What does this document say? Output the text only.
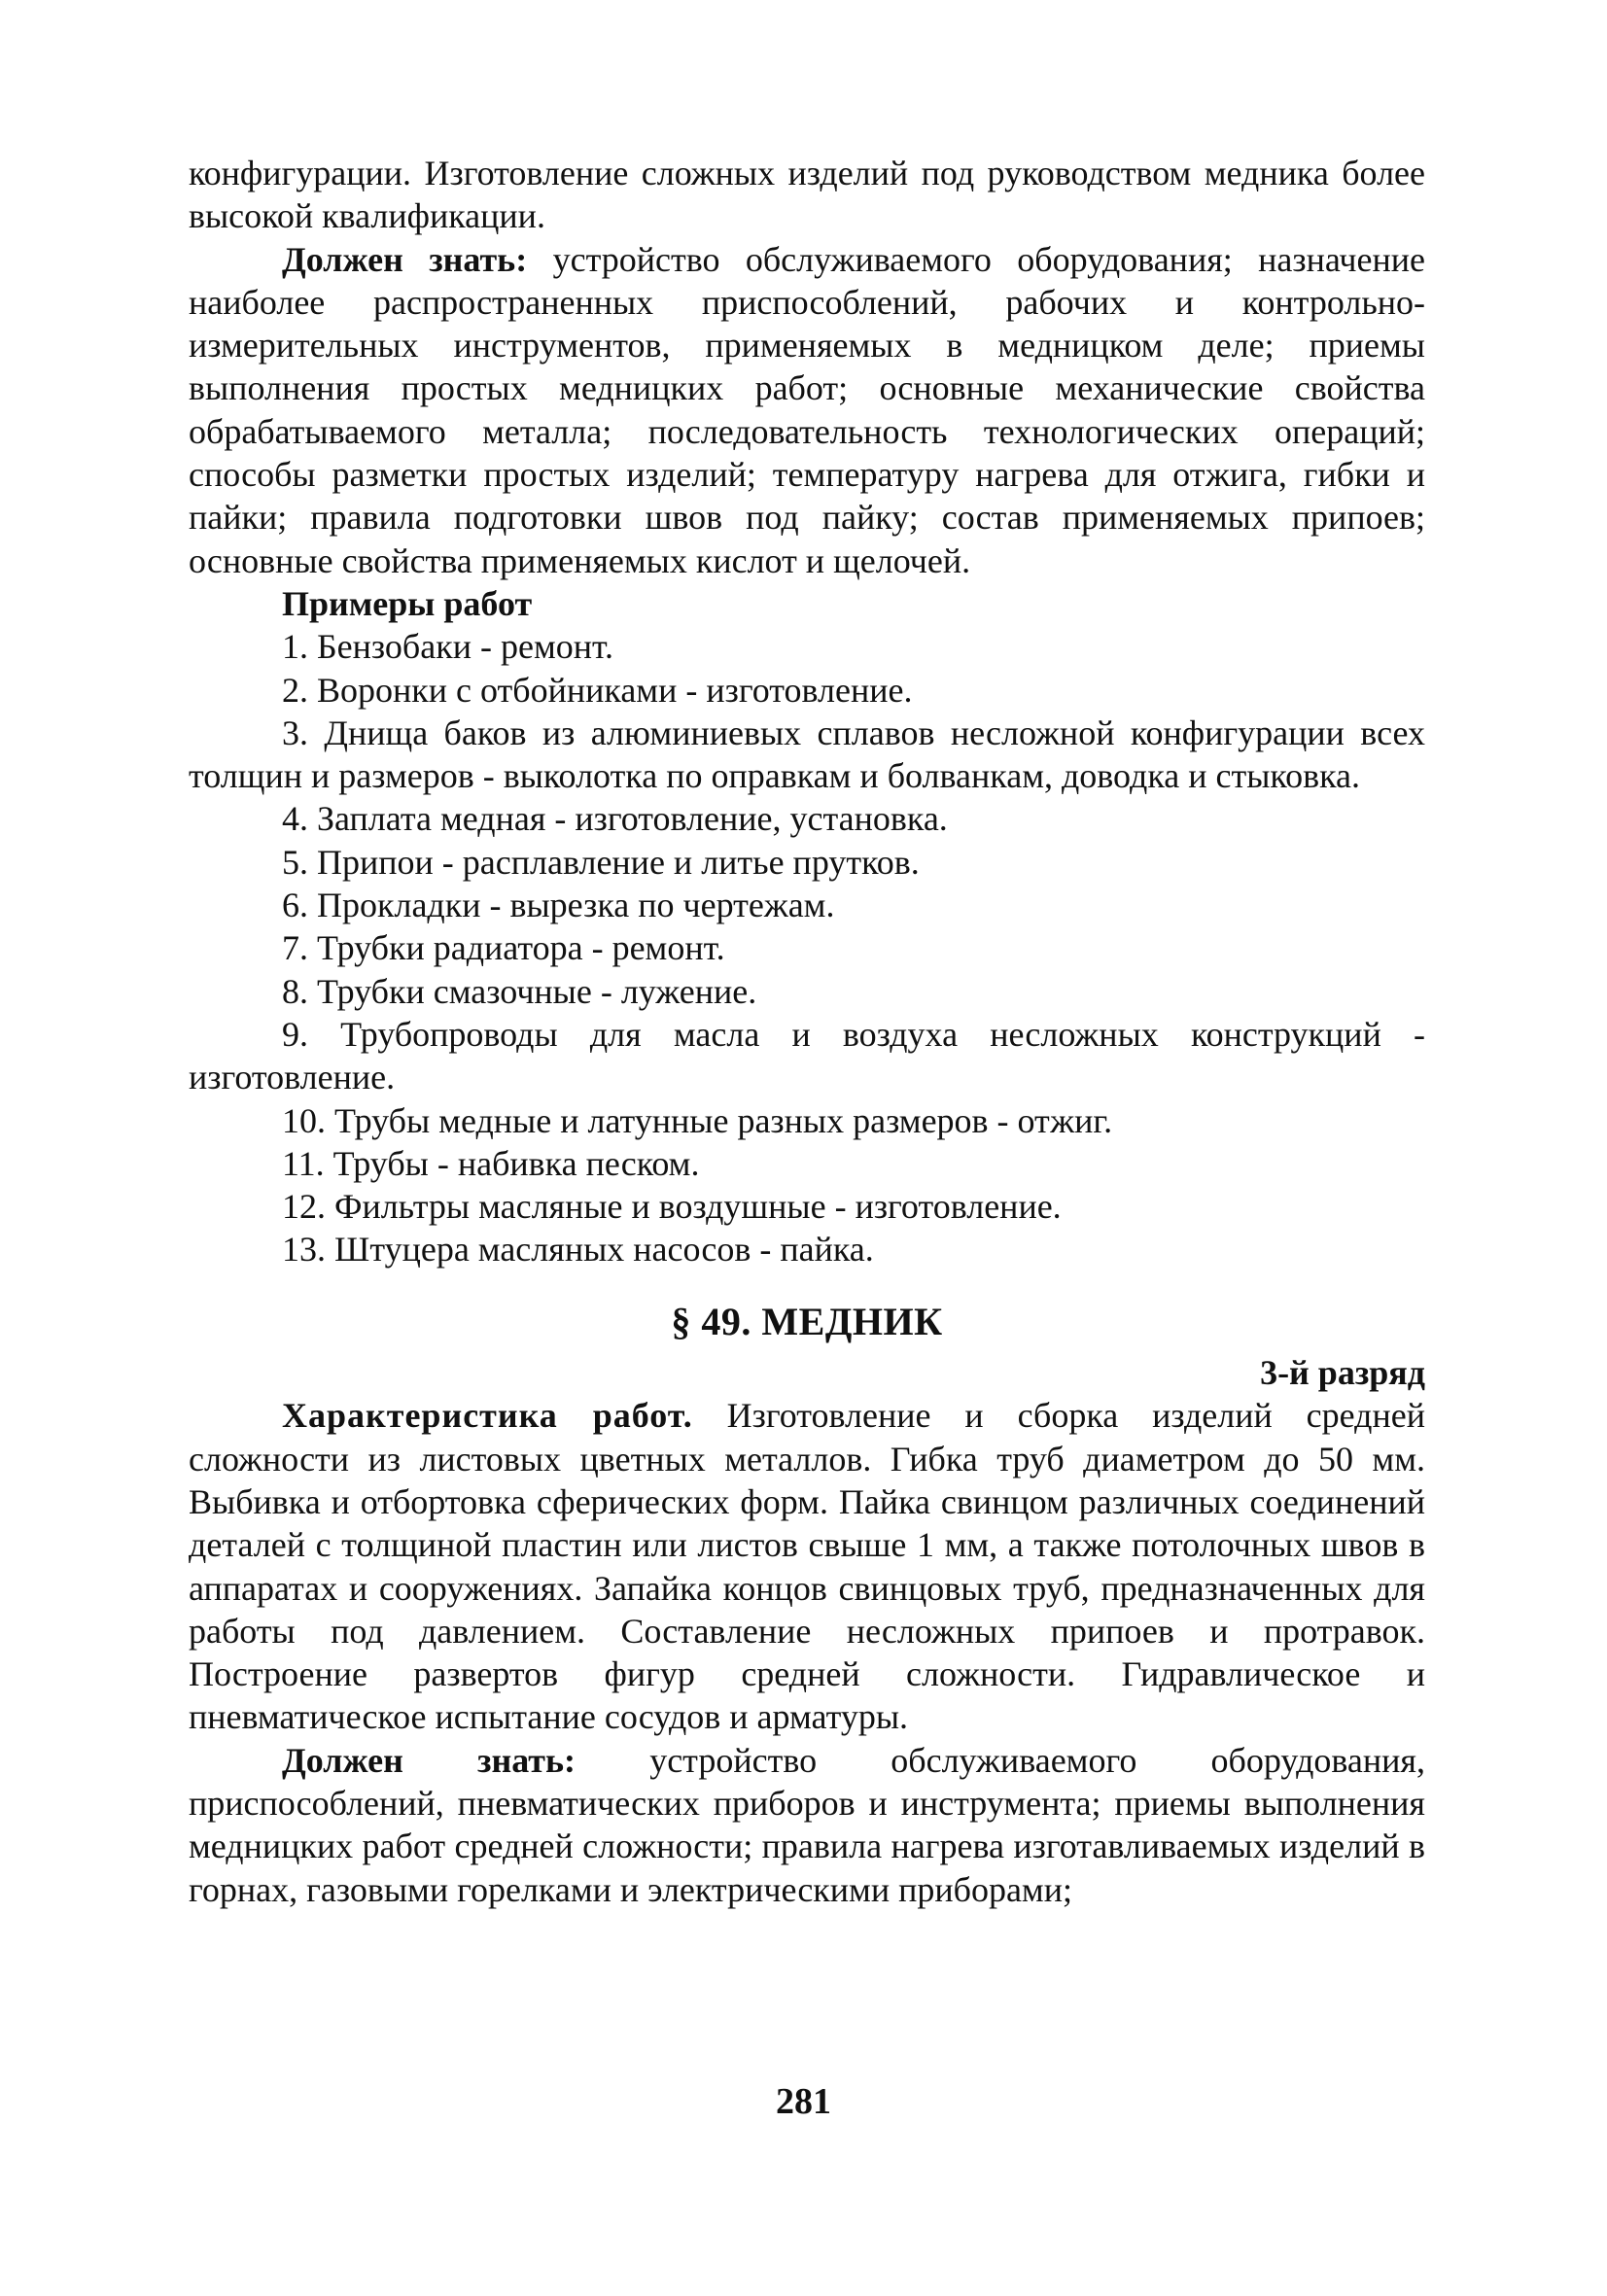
конфигурации. Изготовление сложных изделий под руководством медника более высокой квалификации.

Должен знать: устройство обслуживаемого оборудования; назначение наиболее распространенных приспособлений, рабочих и контрольно-измерительных инструментов, применяемых в медницком деле; приемы выполнения простых медницких работ; основные механические свойства обрабатываемого металла; последовательность технологических операций; способы разметки простых изделий; температуру нагрева для отжига, гибки и пайки; правила подготовки швов под пайку; состав применяемых припоев; основные свойства применяемых кислот и щелочей.

Примеры работ

1. Бензобаки - ремонт.

2. Воронки с отбойниками - изготовление.

3. Днища баков из алюминиевых сплавов несложной конфигурации всех толщин и размеров - выколотка по оправкам и болванкам, доводка и стыковка.

4. Заплата медная - изготовление, установка.

5. Припои - расплавление и литье прутков.

6. Прокладки - вырезка по чертежам.

7. Трубки радиатора - ремонт.

8. Трубки смазочные - лужение.

9. Трубопроводы для масла и воздуха несложных конструкций - изготовление.

10. Трубы медные и латунные разных размеров - отжиг.

11. Трубы - набивка песком.

12. Фильтры масляные и воздушные - изготовление.

13. Штуцера масляных насосов - пайка.

§ 49. МЕДНИК
3-й разряд

Характеристика работ. Изготовление и сборка изделий средней сложности из листовых цветных металлов. Гибка труб диаметром до 50 мм. Выбивка и отбортовка сферических форм. Пайка свинцом различных соединений деталей с толщиной пластин или листов свыше 1 мм, а также потолочных швов в аппаратах и сооружениях. Запайка концов свинцовых труб, предназначенных для работы под давлением. Составление несложных припоев и протравок. Построение развертов фигур средней сложности. Гидравлическое и пневматическое испытание сосудов и арматуры.

Должен знать: устройство обслуживаемого оборудования, приспособлений, пневматических приборов и инструмента; приемы выполнения медницких работ средней сложности; правила нагрева изготавливаемых изделий в горнах, газовыми горелками и электрическими приборами;

281
